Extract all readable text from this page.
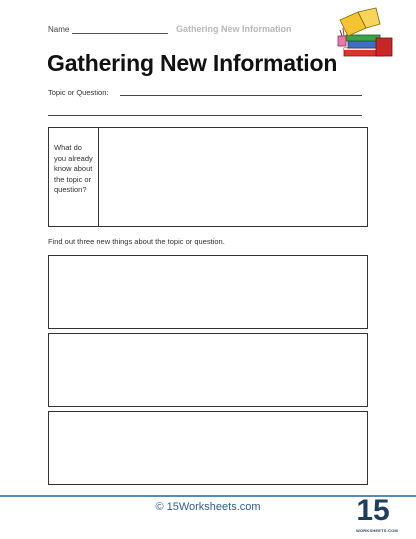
Name	Gathering New Information
Gathering New Information
Topic or Question:
What do you already know about the topic or question?

Find out three new things about the topic or question.

© 15Worksheets.com	15
WORKSHEETS.COM
